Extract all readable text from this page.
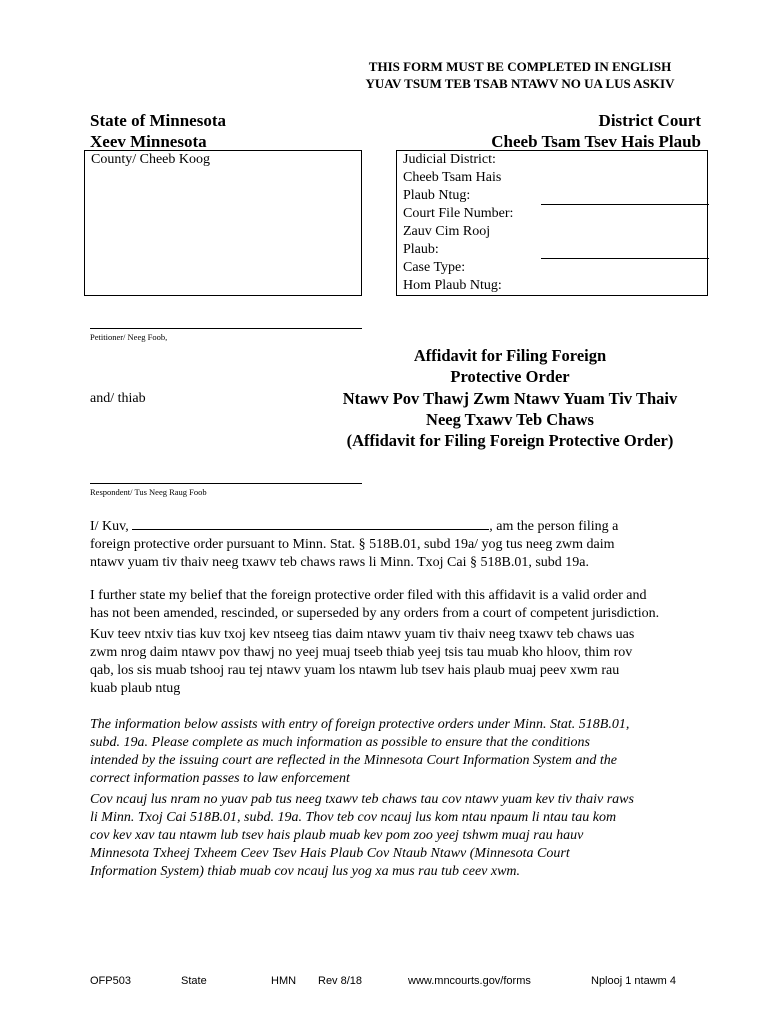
THIS FORM MUST BE COMPLETED IN ENGLISH
YUAV TSUM TEB TSAB NTAWV NO UA LUS ASKIV
State of Minnesota
Xeev Minnesota
District Court
Cheeb Tsam Tsev Hais Plaub
County/ Cheeb Koog	Judicial District:
Cheeb Tsam Hais
Plaub Ntug:
Court File Number:
Zauv Cim Rooj
Plaub:
Case Type:
Hom Plaub Ntug:
Petitioner/ Neeg Foob,
Affidavit for Filing Foreign
Protective Order
and/ thiab	Ntawv Pov Thawj Zwm Ntawv Yuam Tiv Thaiv
Neeg Txawv Teb Chaws
(Affidavit for Filing Foreign Protective Order)
Respondent/ Tus Neeg Raug Foob
I/ Kuv,	, am the person filing a
foreign protective order pursuant to Minn. Stat. § 518B.01, subd 19a/ yog tus neeg zwm daim
ntawv yuam tiv thaiv neeg txawv teb chaws raws li Minn. Txoj Cai § 518B.01, subd 19a.
I further state my belief that the foreign protective order filed with this affidavit is a valid order and
has not been amended, rescinded, or superseded by any orders from a court of competent jurisdiction.
Kuv teev ntxiv tias kuv txoj kev ntseeg tias daim ntawv yuam tiv thaiv neeg txawv teb chaws uas
zwm nrog daim ntawv pov thawj no yeej muaj tseeb thiab yeej tsis tau muab kho hloov, thim rov
qab, los sis muab tshooj rau tej ntawv yuam los ntawm lub tsev hais plaub muaj peev xwm rau
kuab plaub ntug
The information below assists with entry of foreign protective orders under Minn. Stat. 518B.01,
subd. 19a. Please complete as much information as possible to ensure that the conditions
intended by the issuing court are reflected in the Minnesota Court Information System and the
correct information passes to law enforcement
Cov ncauj lus nram no yuav pab tus neeg txawv teb chaws tau cov ntawv yuam kev tiv thaiv raws
li Minn. Txoj Cai 518B.01, subd. 19a. Thov teb cov ncauj lus kom ntau npaum li ntau tau kom
cov kev xav tau ntawm lub tsev hais plaub muab kev pom zoo yeej tshwm muaj rau hauv
Minnesota Txheej Txheem Ceev Tsev Hais Plaub Cov Ntaub Ntawv (Minnesota Court
Information System) thiab muab cov ncauj lus yog xa mus rau tub ceev xwm.
OFP503	State	HMN Rev 8/18	www.mncourts.gov/forms	Nplooj 1 ntawm 4
